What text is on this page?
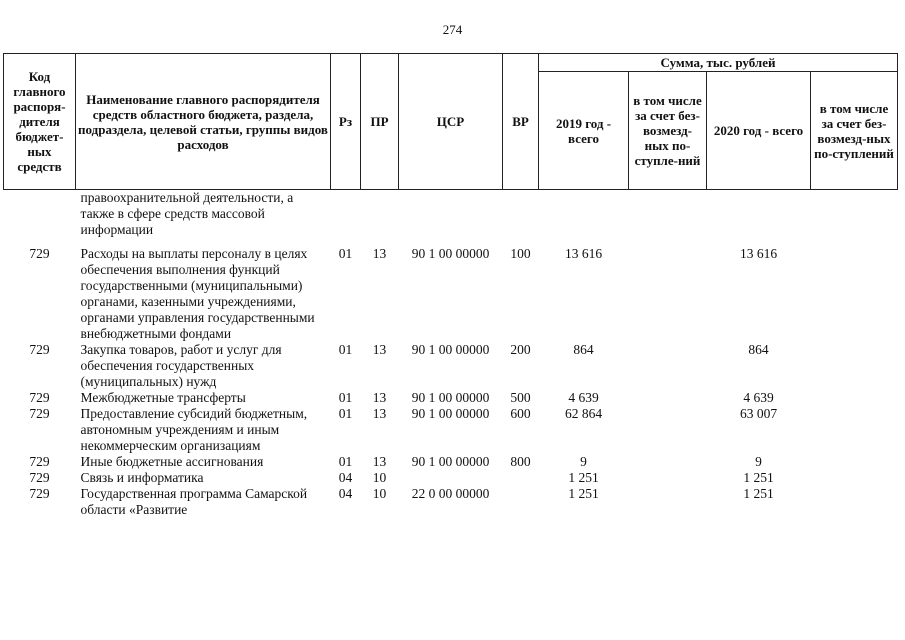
274
Код главного распоря-дителя бюджет-ных средств	Наименование главного распорядителя средств областного бюджета, раздела, подраздела, целевой статьи, группы видов расходов	Рз	ПР	ЦСР	ВР	Сумма, тыс. рублей			
						2019 год - всего	в том числе за счет без-возмезд-ных по-ступле-ний	2020 год - всего	в том числе за счет без-возмезд-ных по-ступлений
	правоохранительной деятельности, а также в сфере средств массовой информации								
729	Расходы на выплаты персоналу в целях обеспечения выполнения функций государственными (муниципальными) органами, казенными учреждениями, органами управления государственными внебюджетными фондами	01	13	90 1 00 00000	100	13 616		13 616	
729	Закупка товаров, работ и услуг для обеспечения государственных (муниципальных) нужд	01	13	90 1 00 00000	200	864		864	
729	Межбюджетные трансферты	01	13	90 1 00 00000	500	4 639		4 639	
729	Предоставление субсидий бюджетным, автономным учреждениям и иным некоммерческим организациям	01	13	90 1 00 00000	600	62 864		63 007	
729	Иные бюджетные ассигнования	01	13	90 1 00 00000	800	9		9	
729	Связь и информатика	04	10			1 251		1 251	
729	Государственная программа Самарской области «Развитие	04	10	22 0 00 00000		1 251		1 251	
